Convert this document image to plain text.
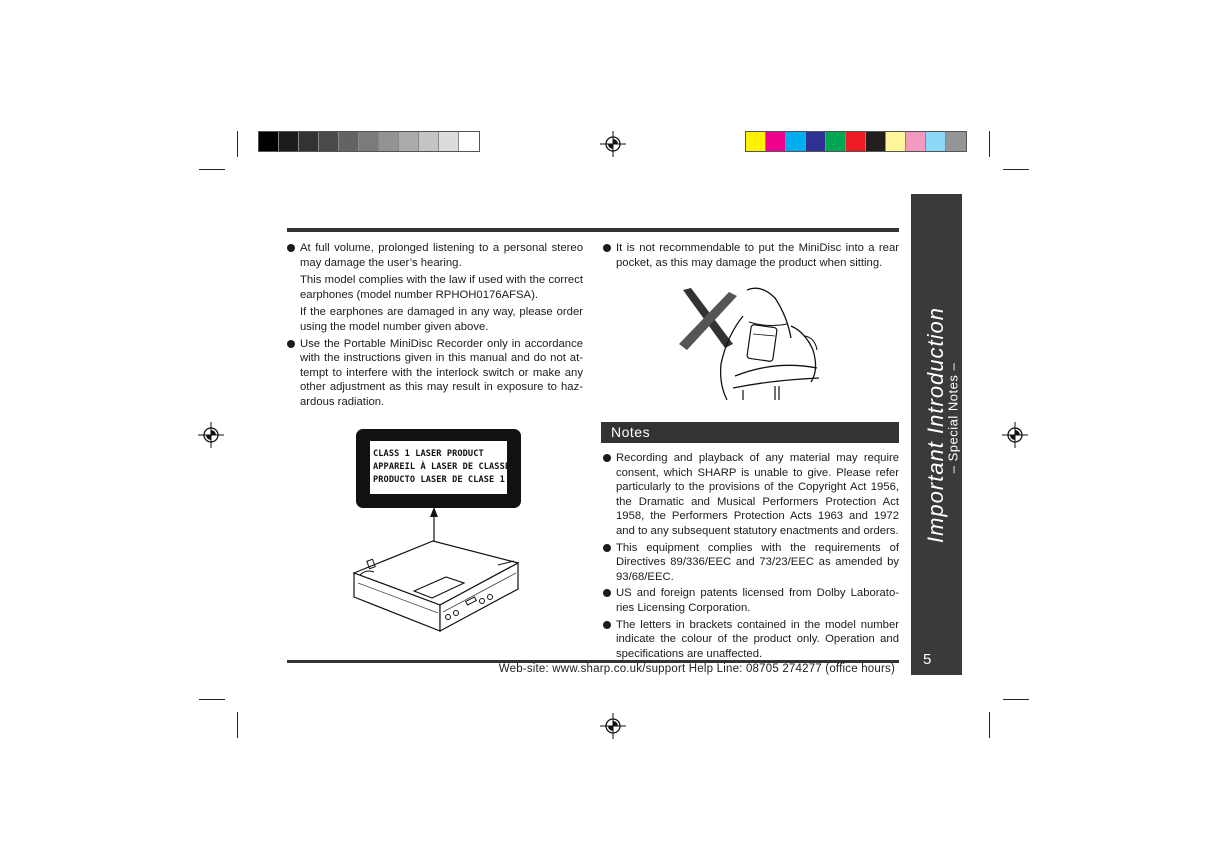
At full volume, prolonged listening to a personal stereo may damage the user’s hearing.
This model complies with the law if used with the correct earphones (model number RPHOH0176AFSA).
If the earphones are damaged in any way, please order using the model number given above.
Use the Portable MiniDisc Recorder only in accordance with the instructions given in this manual and do not at-tempt to interfere with the interlock switch or make any other adjustment as this may result in exposure to haz-ardous radiation.
CLASS 1 LASER PRODUCT
APPAREIL À LASER DE CLASSE 1
PRODUCTO LASER DE CLASE 1
It is not recommendable to put the MiniDisc into a rear pocket, as this may damage the product when sitting.
Notes
Recording and playback of any material may require consent, which SHARP is unable to give. Please refer particularly to the provisions of the Copyright Act 1956, the Dramatic and Musical Performers Protection Act 1958, the Performers Protection Acts 1963 and 1972 and to any subsequent statutory enactments and orders.
This equipment complies with the requirements of Directives 89/336/EEC and 73/23/EEC as amended by 93/68/EEC.
US and foreign patents licensed from Dolby Laborato-ries Licensing Corporation.
The letters in brackets contained in the model number indicate the colour of the product only. Operation and specifications are unaffected.
Web-site: www.sharp.co.uk/support Help Line: 08705 274277 (office hours)
Important Introduction
– Special Notes –
5
